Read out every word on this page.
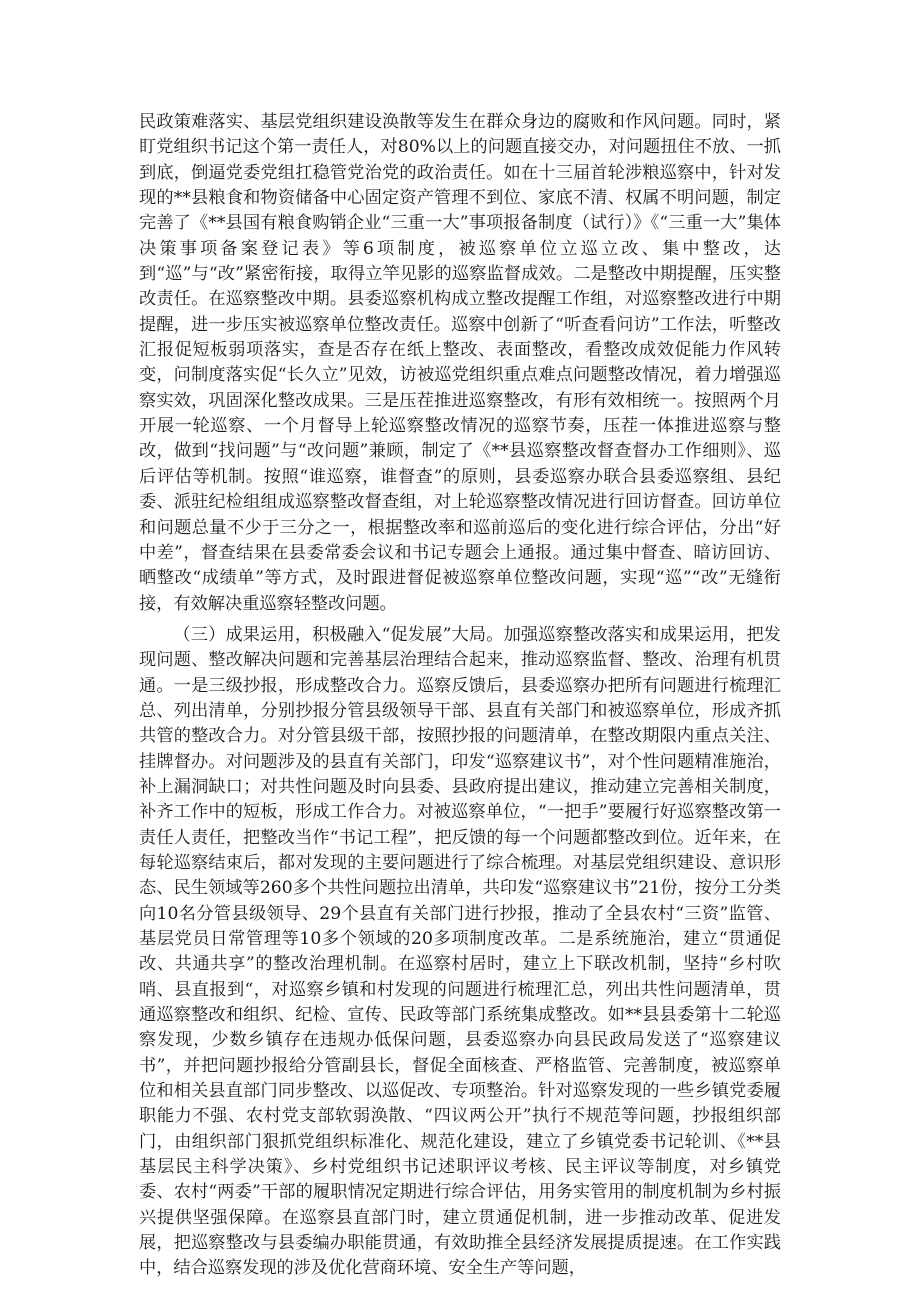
民政策难落实、基层党组织建设涣散等发生在群众身边的腐败和作风问题。同时，紧盯党组织书记这个第一责任人，对80%以上的问题直接交办，对问题扭住不放、一抓到底，倒逼党委党组扛稳管党治党的政治责任。如在十三届首轮涉粮巡察中，针对发现的**县粮食和物资储备中心固定资产管理不到位、家底不清、权属不明问题，制定完善了《**县国有粮食购销企业“三重一大”事项报备制度（试行）》《“三重一大”集体决策事项备案登记表》等6项制度，被巡察单位立巡立改、集中整改，达到“巡”与“改”紧密衔接，取得立竿见影的巡察监督成效。二是整改中期提醒，压实整改责任。在巡察整改中期。县委巡察机构成立整改提醒工作组，对巡察整改进行中期提醒，进一步压实被巡察单位整改责任。巡察中创新了“听查看问访”工作法，听整改汇报促短板弱项落实，查是否存在纸上整改、表面整改，看整改成效促能力作风转变，问制度落实促“长久立”见效，访被巡党组织重点难点问题整改情况，着力增强巡察实效，巩固深化整改成果。三是压茬推进巡察整改，有形有效相统一。按照两个月开展一轮巡察、一个月督导上轮巡察整改情况的巡察节奏，压茬一体推进巡察与整改，做到“找问题”与“改问题”兼顾，制定了《**县巡察整改督查督办工作细则》、巡后评估等机制。按照“谁巡察，谁督查”的原则，县委巡察办联合县委巡察组、县纪委、派驻纪检组组成巡察整改督查组，对上轮巡察整改情况进行回访督查。回访单位和问题总量不少于三分之一，根据整改率和巡前巡后的变化进行综合评估，分出“好中差”，督查结果在县委常委会议和书记专题会上通报。通过集中督查、暗访回访、晒整改“成绩单”等方式，及时跟进督促被巡察单位整改问题，实现“巡”“改”无缝衔接，有效解决重巡察轻整改问题。

（三）成果运用，积极融入“促发展”大局。加强巡察整改落实和成果运用，把发现问题、整改解决问题和完善基层治理结合起来，推动巡察监督、整改、治理有机贯通。一是三级抄报，形成整改合力。巡察反馈后，县委巡察办把所有问题进行梳理汇总、列出清单，分别抄报分管县级领导干部、县直有关部门和被巡察单位，形成齐抓共管的整改合力。对分管县级干部，按照抄报的问题清单，在整改期限内重点关注、挂牌督办。对问题涉及的县直有关部门，印发“巡察建议书”，对个性问题精准施治，补上漏洞缺口；对共性问题及时向县委、县政府提出建议，推动建立完善相关制度，补齐工作中的短板，形成工作合力。对被巡察单位，“一把手”要履行好巡察整改第一责任人责任，把整改当作“书记工程”，把反馈的每一个问题都整改到位。近年来，在每轮巡察结束后，都对发现的主要问题进行了综合梳理。对基层党组织建设、意识形态、民生领域等260多个共性问题拉出清单，共印发“巡察建议书”21份，按分工分类向10名分管县级领导、29个县直有关部门进行抄报，推动了全县农村“三资”监管、基层党员日常管理等10多个领域的20多项制度改革。二是系统施治，建立“贯通促改、共通共享”的整改治理机制。在巡察村居时，建立上下联改机制，坚持“乡村吹哨、县直报到“，对巡察乡镇和村发现的问题进行梳理汇总，列出共性问题清单，贯通巡察整改和组织、纪检、宣传、民政等部门系统集成整改。如**县县委第十二轮巡察发现，少数乡镇存在违规办低保问题，县委巡察办向县民政局发送了“巡察建议书”，并把问题抄报给分管副县长，督促全面核查、严格监管、完善制度，被巡察单位和相关县直部门同步整改、以巡促改、专项整治。针对巡察发现的一些乡镇党委履职能力不强、农村党支部软弱涣散、“四议两公开”执行不规范等问题，抄报组织部门，由组织部门狠抓党组织标准化、规范化建设，建立了乡镇党委书记轮训、《**县基层民主科学决策》、乡村党组织书记述职评议考核、民主评议等制度，对乡镇党委、农村“两委”干部的履职情况定期进行综合评估，用务实管用的制度机制为乡村振兴提供坚强保障。在巡察县直部门时，建立贯通促机制，进一步推动改革、促进发展，把巡察整改与县委编办职能贯通，有效助推全县经济发展提质提速。在工作实践中，结合巡察发现的涉及优化营商环境、安全生产等问题，
